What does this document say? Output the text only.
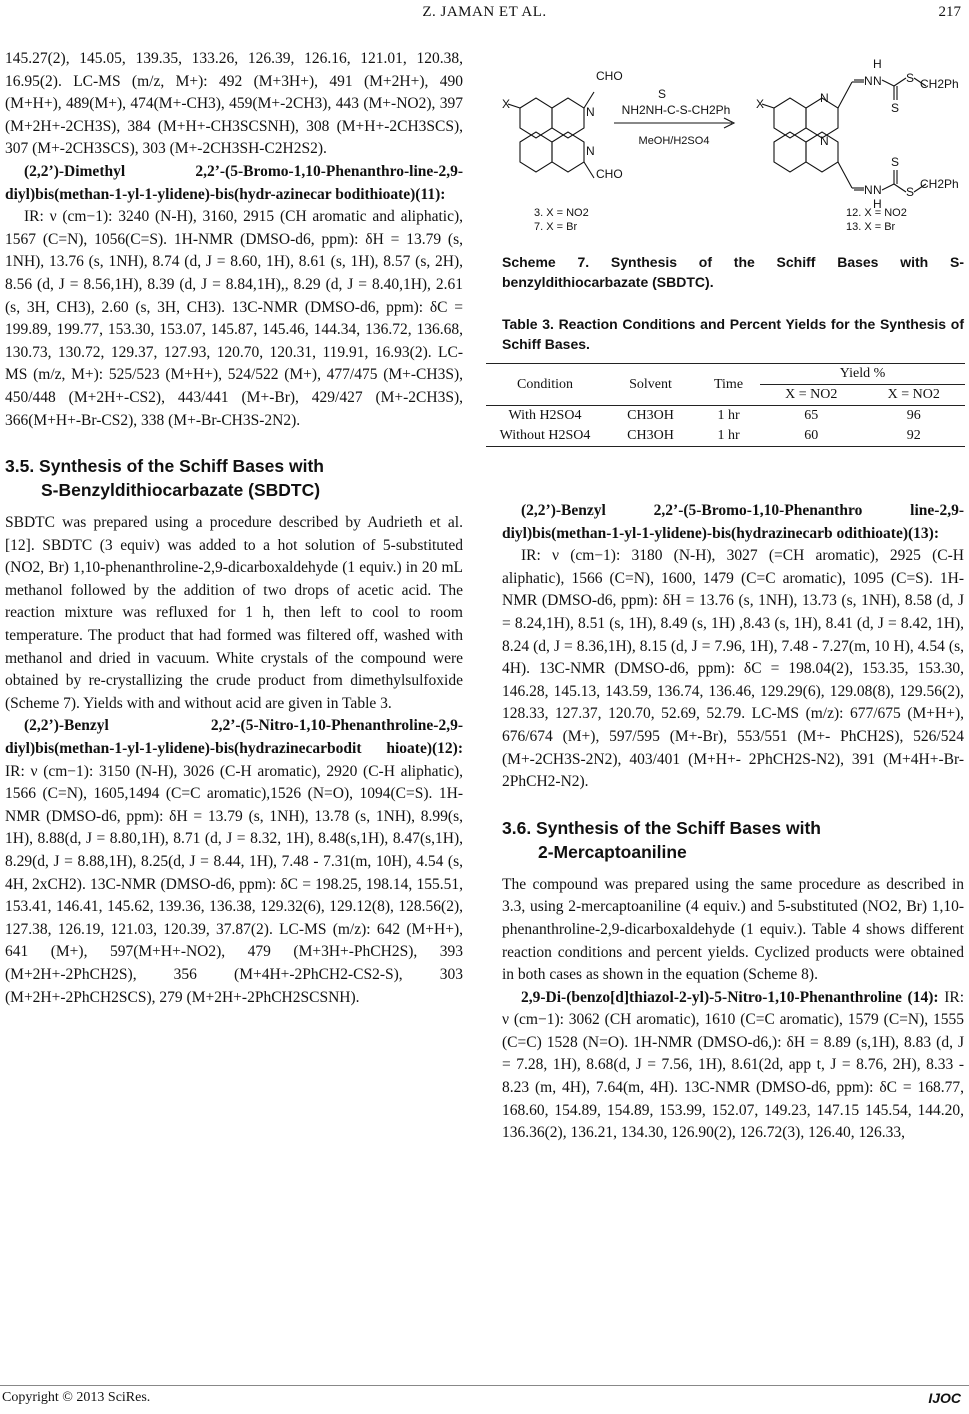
Z. JAMAN ET AL.	217

145.27(2), 145.05, 139.35, 133.26, 126.39, 126.16, 121.01, 120.38, 16.95(2). LC-MS (m/z, M+): 492 (M+3H+), 491 (M+2H+), 490 (M+H+), 489(M+), 474(M+-CH3), 459(M+-2CH3), 443 (M+-NO2), 397 (M+2H+-2CH3S), 384 (M+H+-CH3SCSNH), 308 (M+H+-2CH3SCS), 307 (M+-2CH3SCS), 303 (M+-2CH3SH-C2H2S2).

(2,2’)-Dimethyl 2,2’-(5-Bromo-1,10-Phenanthro-line-2,9-diyl)bis(methan-1-yl-1-ylidene)-bis(hydr-azinecar bodithioate)(11):

IR: ν (cm−1): 3240 (N-H), 3160, 2915 (CH aromatic and aliphatic), 1567 (C=N), 1056(C=S). 1H-NMR (DMSO-d6, ppm): δH = 13.79 (s, 1NH), 13.76 (s, 1NH), 8.74 (d, J = 8.60, 1H), 8.61 (s, 1H), 8.57 (s, 2H), 8.56 (d, J = 8.56,1H), 8.39 (d, J = 8.84,1H),, 8.29 (d, J = 8.40,1H), 2.61 (s, 3H, CH3), 2.60 (s, 3H, CH3). 13C-NMR (DMSO-d6, ppm): δC = 199.89, 199.77, 153.30, 153.07, 145.87, 145.46, 144.34, 136.72, 136.68, 130.73, 130.72, 129.37, 127.93, 120.70, 120.31, 119.91, 16.93(2). LC-MS (m/z, M+): 525/523 (M+H+), 524/522 (M+), 477/475 (M+-CH3S), 450/448 (M+2H+-CS2), 443/441 (M+-Br), 429/427 (M+-2CH3S), 366(M+H+-Br-CS2), 338 (M+-Br-CH3S-2N2).

3.5. Synthesis of the Schiff Bases with
S-Benzyldithiocarbazate (SBDTC)

SBDTC was prepared using a procedure described by Audrieth et al. [12]. SBDTC (3 equiv) was added to a hot solution of 5-substituted (NO2, Br) 1,10-phenanthroline-2,9-dicarboxaldehyde (1 equiv.) in 20 mL methanol followed by the addition of two drops of acetic acid. The reaction mixture was refluxed for 1 h, then left to cool to room temperature. The product that had formed was filtered off, washed with methanol and dried in vacuum. White crystals of the compound were obtained by re-crystallizing the crude product from dimethylsulfoxide (Scheme 7). Yields with and without acid are given in Table 3.

(2,2’)-Benzyl 2,2’-(5-Nitro-1,10-Phenanthroline-2,9-diyl)bis(methan-1-yl-1-ylidene)-bis(hydrazinecarbodit hioate)(12): IR: ν (cm−1): 3150 (N-H), 3026 (C-H aromatic), 2920 (C-H aliphatic), 1566 (C=N), 1605,1494 (C=C aromatic),1526 (N=O), 1094(C=S). 1H-NMR (DMSO-d6, ppm): δH = 13.79 (s, 1NH), 13.78 (s, 1NH), 8.99(s, 1H), 8.88(d, J = 8.80,1H), 8.71 (d, J = 8.32, 1H), 8.48(s,1H), 8.47(s,1H), 8.29(d, J = 8.88,1H), 8.25(d, J = 8.44, 1H), 7.48 - 7.31(m, 10H), 4.54 (s, 4H, 2xCH2). 13C-NMR (DMSO-d6, ppm): δC = 198.25, 198.14, 155.51, 153.41, 146.41, 145.62, 139.36, 136.38, 129.32(6), 129.12(8), 128.56(2), 127.38, 126.19, 121.03, 120.39, 37.87(2). LC-MS (m/z): 642 (M+H+), 641 (M+), 597(M+H+-NO2), 479 (M+3H+-PhCH2S), 393 (M+2H+-2PhCH2S), 356 (M+4H+-2PhCH2-CS2-S), 303 (M+2H+-2PhCH2SCS), 279 (M+2H+-2PhCH2SCSNH).

X
N
N
CHO
CHO
S
NH2NH-C-S-CH2Ph
MeOH/H2SO4
X	N
N
N N
H
S
S CH2Ph
N N
H
S
S
CH2Ph
3. X = NO2
7. X = Br
12. X = NO2
13. X = Br
Scheme 7. Synthesis of the Schiff Bases with S-benzyldithiocarbazate (SBDTC).
Table 3. Reaction Conditions and Percent Yields for the Synthesis of Schiff Bases.
Condition	Solvent	Time	Yield %	
			X = NO2	X = NO2
With H2SO4	CH3OH	1 hr	65	96
Without H2SO4	CH3OH	1 hr	60	92

(2,2’)-Benzyl 2,2’-(5-Bromo-1,10-Phenanthro line-2,9-diyl)bis(methan-1-yl-1-ylidene)-bis(hydrazinecarb odithioate)(13):

IR: ν (cm−1): 3180 (N-H), 3027 (=CH aromatic), 2925 (C-H aliphatic), 1566 (C=N), 1600, 1479 (C=C aromatic), 1095 (C=S). 1H-NMR (DMSO-d6, ppm): δH = 13.76 (s, 1NH), 13.73 (s, 1NH), 8.58 (d, J = 8.24,1H), 8.51 (s, 1H), 8.49 (s, 1H) ,8.43 (s, 1H), 8.41 (d, J = 8.42, 1H), 8.24 (d, J = 8.36,1H), 8.15 (d, J = 7.96, 1H), 7.48 - 7.27(m, 10 H), 4.54 (s, 4H). 13C-NMR (DMSO-d6, ppm): δC = 198.04(2), 153.35, 153.30, 146.28, 145.13, 143.59, 136.74, 136.46, 129.29(6), 129.08(8), 129.56(2), 128.33, 127.37, 120.70, 52.69, 52.79. LC-MS (m/z): 677/675 (M+H+), 676/674 (M+), 597/595 (M+-Br), 553/551 (M+- PhCH2S), 526/524 (M+-2CH3S-2N2), 403/401 (M+H+- 2PhCH2S-N2), 391 (M+4H+-Br-2PhCH2-N2).

3.6. Synthesis of the Schiff Bases with
2-Mercaptoaniline

The compound was prepared using the same procedure as described in 3.3, using 2-mercaptoaniline (4 equiv.) and 5-substituted (NO2, Br) 1,10-phenanthroline-2,9-dicarboxaldehyde (1 equiv.). Table 4 shows different reaction conditions and percent yields. Cyclized products were obtained in both cases as shown in the equation (Scheme 8).

2,9-Di-(benzo[d]thiazol-2-yl)-5-Nitro-1,10-Phenanthroline (14): IR: ν (cm−1): 3062 (CH aromatic), 1610 (C=C aromatic), 1579 (C=N), 1555 (C=C) 1528 (N=O). 1H-NMR (DMSO-d6,): δH = 8.89 (s,1H), 8.83 (d, J = 7.28, 1H), 8.68(d, J = 7.56, 1H), 8.61(2d, app t, J = 8.76, 2H), 8.33 - 8.23 (m, 4H), 7.64(m, 4H). 13C-NMR (DMSO-d6, ppm): δC = 168.77, 168.60, 154.89, 154.89, 153.99, 152.07, 149.23, 147.15 145.54, 144.20, 136.36(2), 136.21, 134.30, 126.90(2), 126.72(3), 126.40, 126.33,

Copyright © 2013 SciRes.	IJOC
